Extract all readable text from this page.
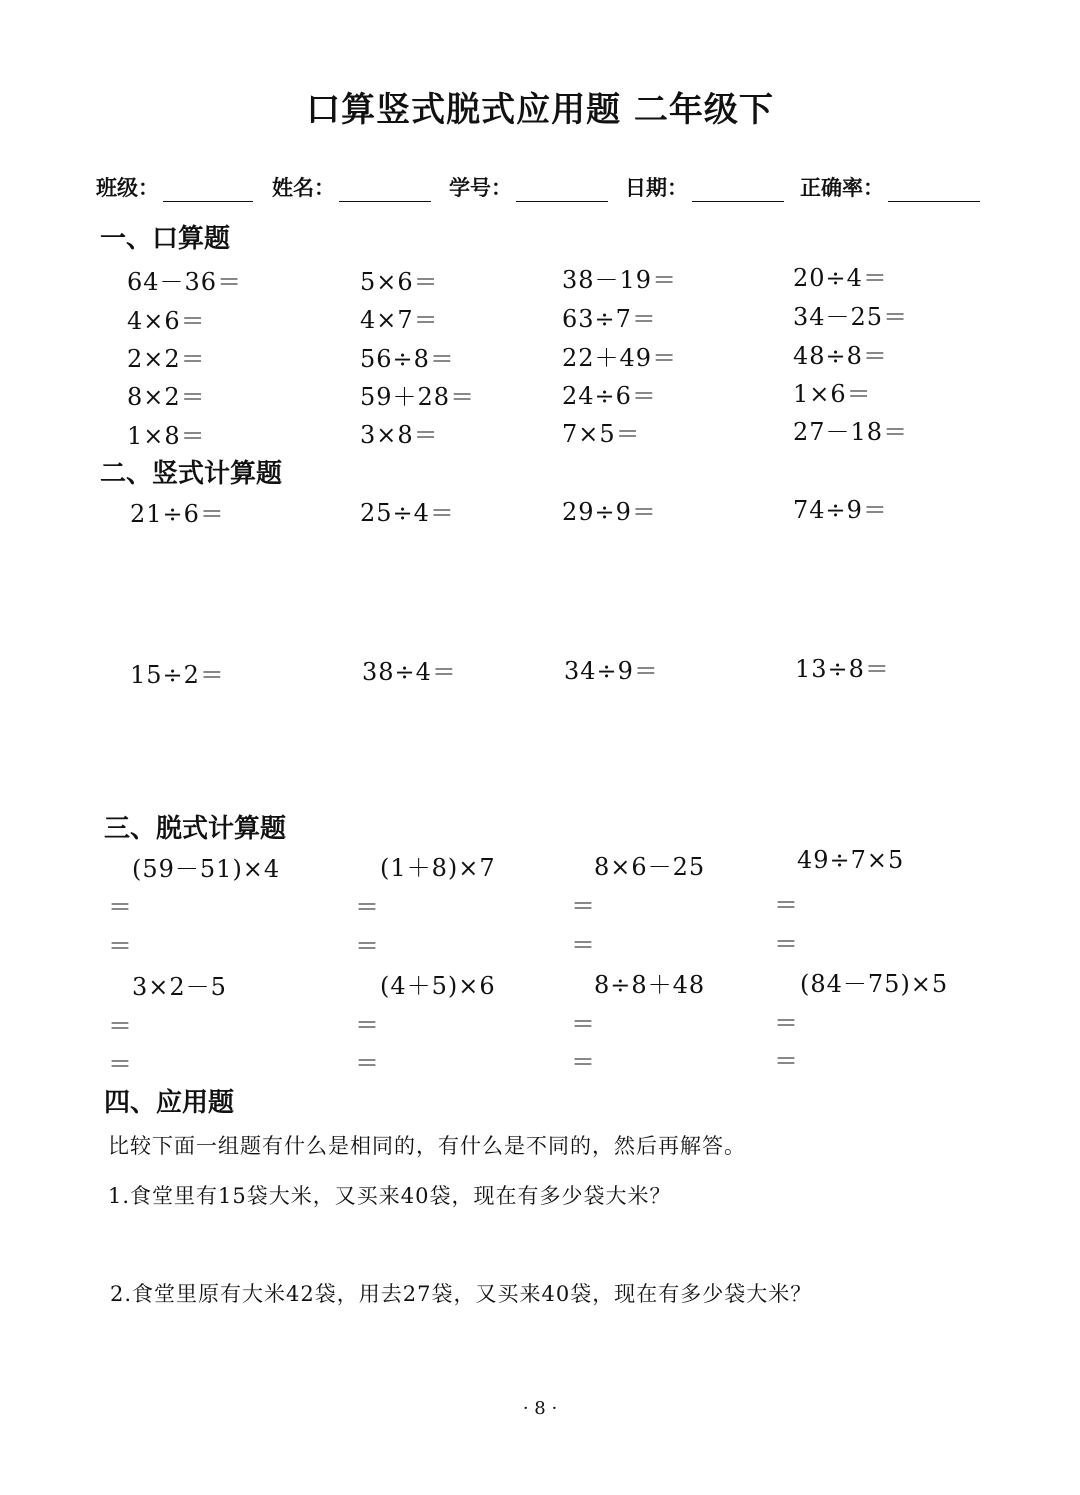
口算竖式脱式应用题 二年级下
班级：	姓名：	学号：	日期：	正确率：
一、口算题
64－36＝	5×6＝	38－19＝	20÷4＝
4×6＝	4×7＝	63÷7＝	34－25＝
2×2＝	56÷8＝	22＋49＝	48÷8＝
8×2＝	59＋28＝	24÷6＝	1×6＝
1×8＝	3×8＝	7×5＝	27－18＝
二、竖式计算题
21÷6＝	25÷4＝	29÷9＝	74÷9＝
15÷2＝	38÷4＝	34÷9＝	13÷8＝
三、脱式计算题
(59－51)×4	(1＋8)×7	8×6－25	49÷7×5
＝	＝	＝	＝
＝	＝	＝	＝
3×2－5	(4＋5)×6	8÷8＋48	(84－75)×5
＝	＝	＝	＝
＝	＝	＝	＝
四、应用题
比较下面一组题有什么是相同的，有什么是不同的，然后再解答。
1.食堂里有15袋大米，又买来40袋，现在有多少袋大米？
2.食堂里原有大米42袋，用去27袋，又买来40袋，现在有多少袋大米？
· 8 ·
